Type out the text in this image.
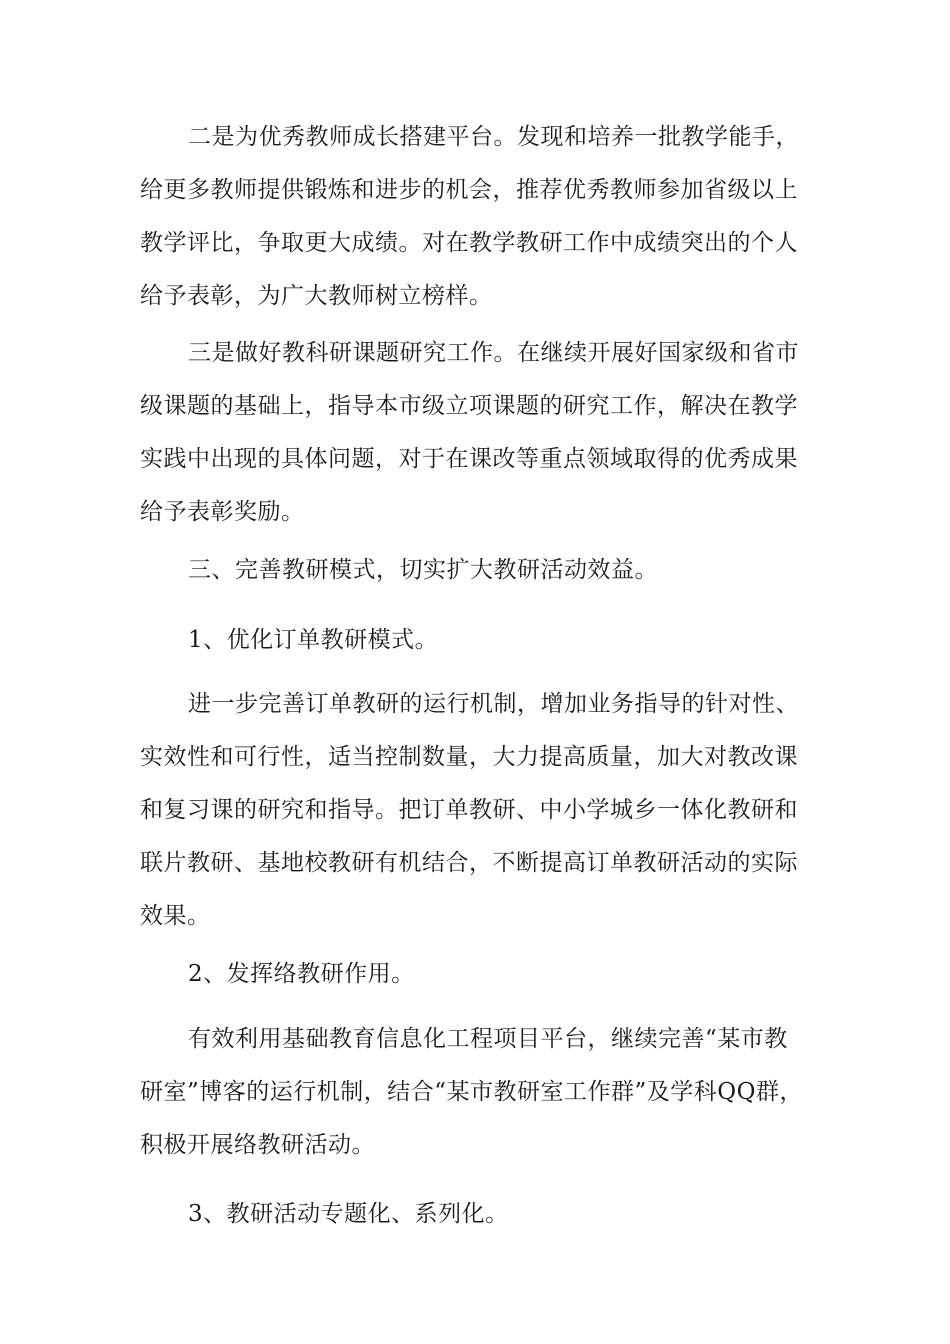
二是为优秀教师成长搭建平台。发现和培养一批教学能手，
给更多教师提供锻炼和进步的机会，推荐优秀教师参加省级以上
教学评比，争取更大成绩。对在教学教研工作中成绩突出的个人
给予表彰，为广大教师树立榜样。
三是做好教科研课题研究工作。在继续开展好国家级和省市
级课题的基础上，指导本市级立项课题的研究工作，解决在教学
实践中出现的具体问题，对于在课改等重点领域取得的优秀成果
给予表彰奖励。
三、完善教研模式，切实扩大教研活动效益。
1、优化订单教研模式。
进一步完善订单教研的运行机制，增加业务指导的针对性、
实效性和可行性，适当控制数量，大力提高质量，加大对教改课
和复习课的研究和指导。把订单教研、中小学城乡一体化教研和
联片教研、基地校教研有机结合，不断提高订单教研活动的实际
效果。
2、发挥络教研作用。
有效利用基础教育信息化工程项目平台，继续完善“某市教
研室”博客的运行机制，结合“某市教研室工作群”及学科QQ群，
积极开展络教研活动。
3、教研活动专题化、系列化。
